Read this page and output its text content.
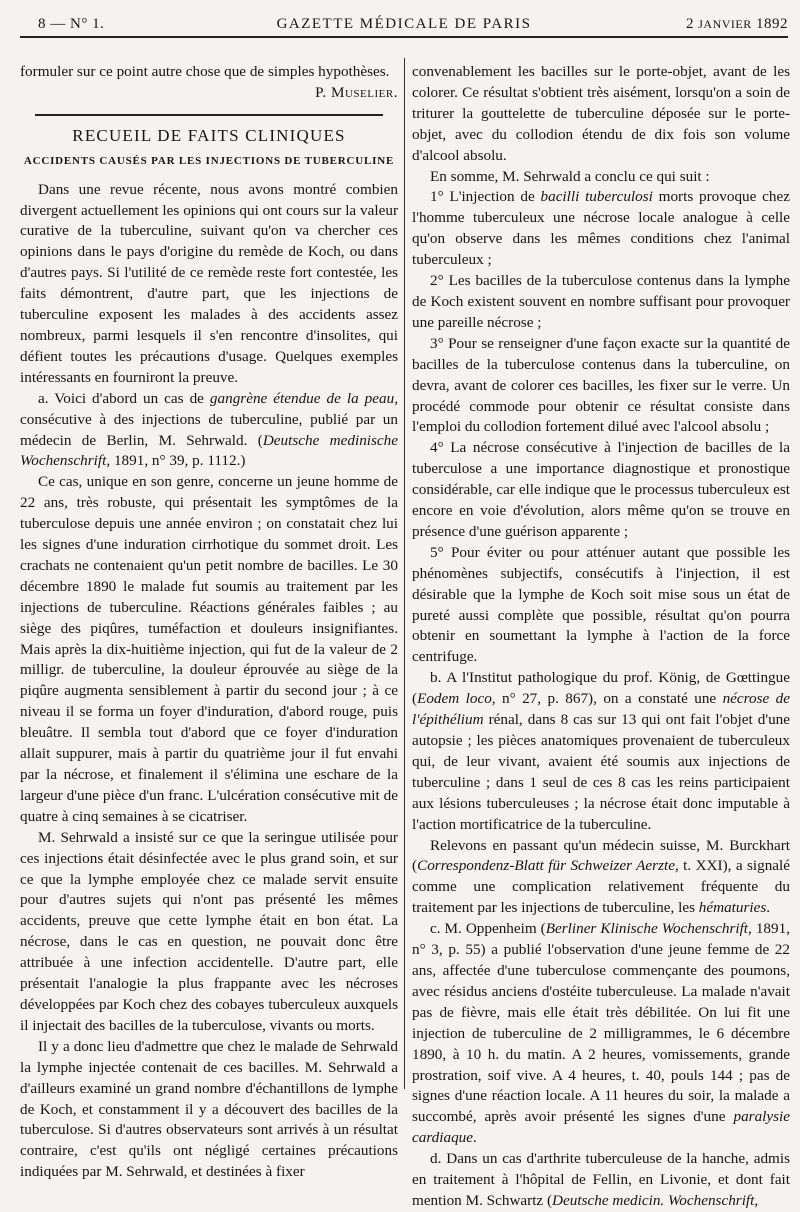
8 — N° 1.	GAZETTE MÉDICALE DE PARIS	2 JANVIER 1892

formuler sur ce point autre chose que de simples hypothèses.

P. Muselier.

RECUEIL DE FAITS CLINIQUES
ACCIDENTS CAUSÉS PAR LES INJECTIONS DE TUBERCULINE

Dans une revue récente, nous avons montré combien divergent actuellement les opinions qui ont cours sur la valeur curative de la tuberculine, suivant qu'on va chercher ces opinions dans le pays d'origine du remède de Koch, ou dans d'autres pays. Si l'utilité de ce remède reste fort contestée, les faits démontrent, d'autre part, que les injections de tuberculine exposent les malades à des accidents assez nombreux, parmi lesquels il s'en rencontre d'insolites, qui défient toutes les précautions d'usage. Quelques exemples intéressants en fourniront la preuve.

a. Voici d'abord un cas de gangrène étendue de la peau, consécutive à des injections de tuberculine, publié par un médecin de Berlin, M. Sehrwald. (Deutsche medinische Wochenschrift, 1891, n° 39, p. 1112.)

Ce cas, unique en son genre, concerne un jeune homme de 22 ans, très robuste, qui présentait les symptômes de la tuberculose depuis une année environ ; on constatait chez lui les signes d'une induration cirrhotique du sommet droit. Les crachats ne contenaient qu'un petit nombre de bacilles. Le 30 décembre 1890 le malade fut soumis au traitement par les injections de tuberculine. Réactions générales faibles ; au siège des piqûres, tuméfaction et douleurs insignifiantes. Mais après la dix-huitième injection, qui fut de la valeur de 2 milligr. de tuberculine, la douleur éprouvée au siège de la piqûre augmenta sensiblement à partir du second jour ; à ce niveau il se forma un foyer d'induration, d'abord rouge, puis bleuâtre. Il sembla tout d'abord que ce foyer d'induration allait suppurer, mais à partir du quatrième jour il fut envahi par la nécrose, et finalement il s'élimina une eschare de la largeur d'une pièce d'un franc. L'ulcération consécutive mit de quatre à cinq semaines à se cicatriser.

M. Sehrwald a insisté sur ce que la seringue utilisée pour ces injections était désinfectée avec le plus grand soin, et sur ce que la lymphe employée chez ce malade servit ensuite pour d'autres sujets qui n'ont pas présenté les mêmes accidents, preuve que cette lymphe était en bon état. La nécrose, dans le cas en question, ne pouvait donc être attribuée à une infection accidentelle. D'autre part, elle présentait l'analogie la plus frappante avec les nécroses développées par Koch chez des cobayes tuberculeux auxquels il injectait des bacilles de la tuberculose, vivants ou morts.

Il y a donc lieu d'admettre que chez le malade de Sehrwald la lymphe injectée contenait de ces bacilles. M. Sehrwald a d'ailleurs examiné un grand nombre d'échantillons de lymphe de Koch, et constamment il y a découvert des bacilles de la tuberculose. Si d'autres observateurs sont arrivés à un résultat contraire, c'est qu'ils ont négligé certaines précautions indiquées par M. Sehrwald, et destinées à fixer

convenablement les bacilles sur le porte-objet, avant de les colorer. Ce résultat s'obtient très aisément, lorsqu'on a soin de triturer la gouttelette de tuberculine déposée sur le porte-objet, avec du collodion étendu de dix fois son volume d'alcool absolu.

En somme, M. Sehrwald a conclu ce qui suit :

1° L'injection de bacilli tuberculosi morts provoque chez l'homme tuberculeux une nécrose locale analogue à celle qu'on observe dans les mêmes conditions chez l'animal tuberculeux ;

2° Les bacilles de la tuberculose contenus dans la lymphe de Koch existent souvent en nombre suffisant pour provoquer une pareille nécrose ;

3° Pour se renseigner d'une façon exacte sur la quantité de bacilles de la tuberculose contenus dans la tuberculine, on devra, avant de colorer ces bacilles, les fixer sur le verre. Un procédé commode pour obtenir ce résultat consiste dans l'emploi du collodion fortement dilué avec l'alcool absolu ;

4° La nécrose consécutive à l'injection de bacilles de la tuberculose a une importance diagnostique et pronostique considérable, car elle indique que le processus tuberculeux est encore en voie d'évolution, alors même qu'on se trouve en présence d'une guérison apparente ;

5° Pour éviter ou pour atténuer autant que possible les phénomènes subjectifs, consécutifs à l'injection, il est désirable que la lymphe de Koch soit mise sous un état de pureté aussi complète que possible, résultat qu'on pourra obtenir en soumettant la lymphe à l'action de la force centrifuge.

b. A l'Institut pathologique du prof. König, de Gœttingue (Eodem loco, n° 27, p. 867), on a constaté une nécrose de l'épithélium rénal, dans 8 cas sur 13 qui ont fait l'objet d'une autopsie ; les pièces anatomiques provenaient de tuberculeux qui, de leur vivant, avaient été soumis aux injections de tuberculine ; dans 1 seul de ces 8 cas les reins participaient aux lésions tuberculeuses ; la nécrose était donc imputable à l'action mortificatrice de la tuberculine.

Relevons en passant qu'un médecin suisse, M. Burckhart (Correspondenz-Blatt für Schweizer Aerzte, t. XXI), a signalé comme une complication relativement fréquente du traitement par les injections de tuberculine, les hématuries.

c. M. Oppenheim (Berliner Klinische Wochenschrift, 1891, n° 3, p. 55) a publié l'observation d'une jeune femme de 22 ans, affectée d'une tuberculose commençante des poumons, avec résidus anciens d'ostéite tuberculeuse. La malade n'avait pas de fièvre, mais elle était très débilitée. On lui fit une injection de tuberculine de 2 milligrammes, le 6 décembre 1890, à 10 h. du matin. A 2 heures, vomissements, grande prostration, soif vive. A 4 heures, t. 40, pouls 144 ; pas de signes d'une réaction locale. A 11 heures du soir, la malade a succombé, après avoir présenté les signes d'une paralysie cardiaque.

d. Dans un cas d'arthrite tuberculeuse de la hanche, admis en traitement à l'hôpital de Fellin, en Livonie, et dont fait mention M. Schwartz (Deutsche medicin. Wochenschrift,
